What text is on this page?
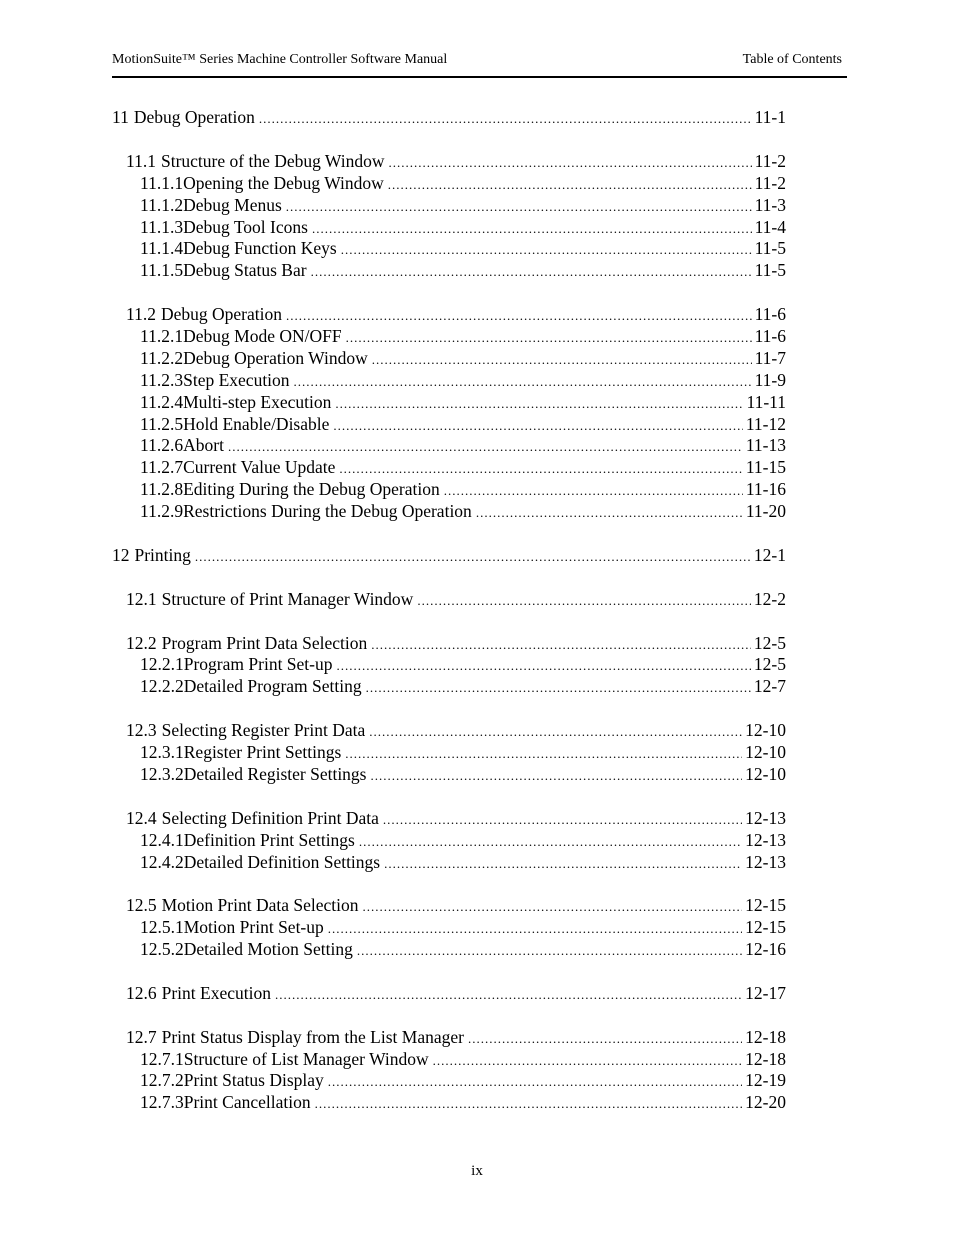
MotionSuite™ Series Machine Controller Software Manual	Table of Contents
11 Debug Operation .....	11-1
11.1 Structure of the Debug Window .....	11-2
11.1.1 Opening the Debug Window .....	11-2
11.1.2 Debug Menus .....	11-3
11.1.3 Debug Tool Icons .....	11-4
11.1.4 Debug Function Keys .....	11-5
11.1.5 Debug Status Bar .....	11-5
11.2 Debug Operation .....	11-6
11.2.1 Debug Mode ON/OFF .....	11-6
11.2.2 Debug Operation Window .....	11-7
11.2.3 Step Execution .....	11-9
11.2.4 Multi-step Execution .....	11-11
11.2.5 Hold Enable/Disable .....	11-12
11.2.6 Abort .....	11-13
11.2.7 Current Value Update .....	11-15
11.2.8 Editing During the Debug Operation .....	11-16
11.2.9 Restrictions During the Debug Operation .....	11-20
12 Printing .....	12-1
12.1 Structure of Print Manager Window .....	12-2
12.2 Program Print Data Selection .....	12-5
12.2.1 Program Print Set-up .....	12-5
12.2.2 Detailed Program Setting .....	12-7
12.3 Selecting Register Print Data .....	12-10
12.3.1 Register Print Settings .....	12-10
12.3.2 Detailed Register Settings .....	12-10
12.4 Selecting Definition Print Data .....	12-13
12.4.1 Definition Print Settings .....	12-13
12.4.2 Detailed Definition Settings .....	12-13
12.5 Motion Print Data Selection .....	12-15
12.5.1 Motion Print Set-up .....	12-15
12.5.2 Detailed Motion Setting .....	12-16
12.6 Print Execution .....	12-17
12.7 Print Status Display from the List Manager .....	12-18
12.7.1 Structure of List Manager Window .....	12-18
12.7.2 Print Status Display .....	12-19
12.7.3 Print Cancellation .....	12-20
ix
